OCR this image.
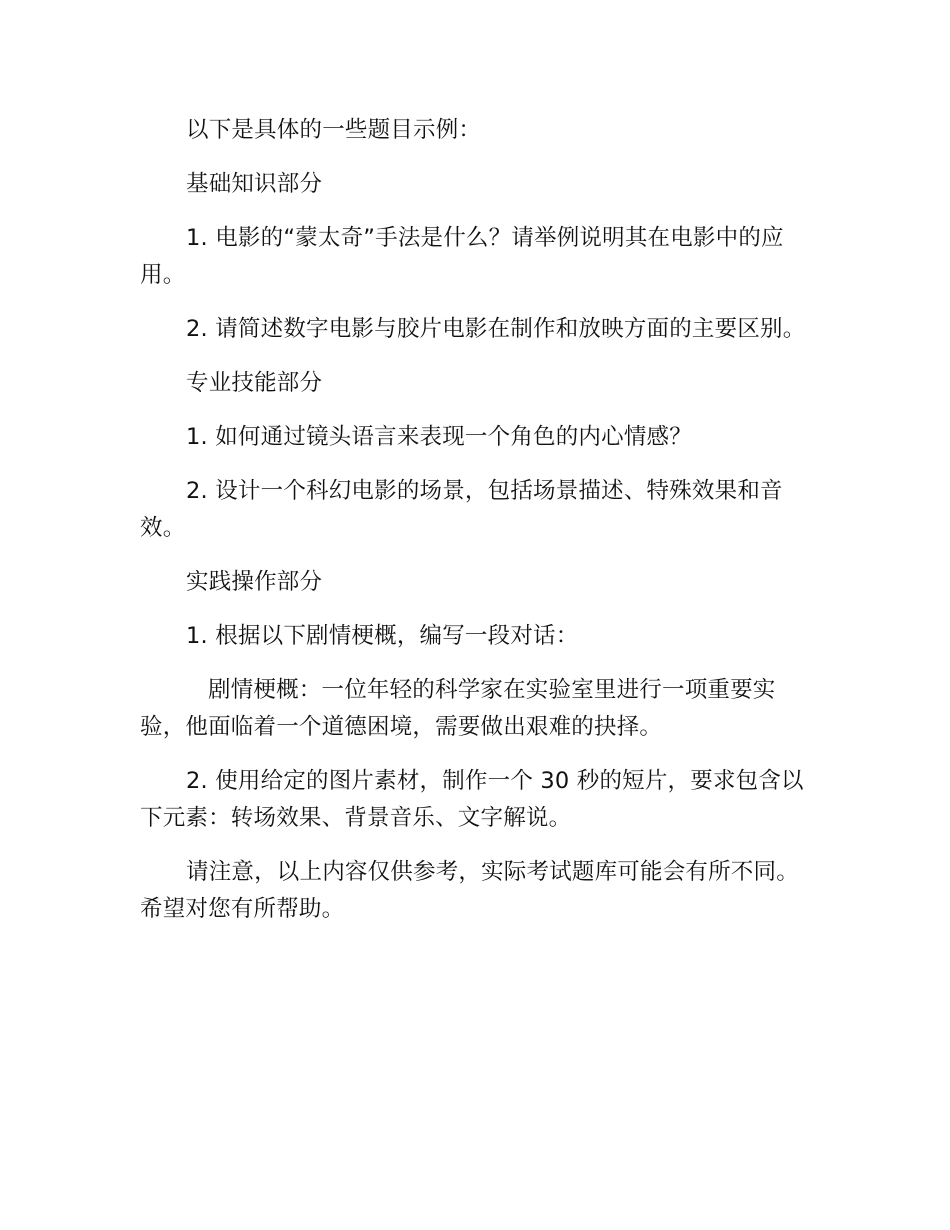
以下是具体的一些题目示例：

基础知识部分

1. 电影的“蒙太奇”手法是什么？请举例说明其在电影中的应用。

2. 请简述数字电影与胶片电影在制作和放映方面的主要区别。

专业技能部分

1. 如何通过镜头语言来表现一个角色的内心情感？

2. 设计一个科幻电影的场景，包括场景描述、特殊效果和音效。

实践操作部分

1. 根据以下剧情梗概，编写一段对话：

剧情梗概：一位年轻的科学家在实验室里进行一项重要实验，他面临着一个道德困境，需要做出艰难的抉择。

2. 使用给定的图片素材，制作一个 30 秒的短片，要求包含以下元素：转场效果、背景音乐、文字解说。

请注意，以上内容仅供参考，实际考试题库可能会有所不同。希望对您有所帮助。
